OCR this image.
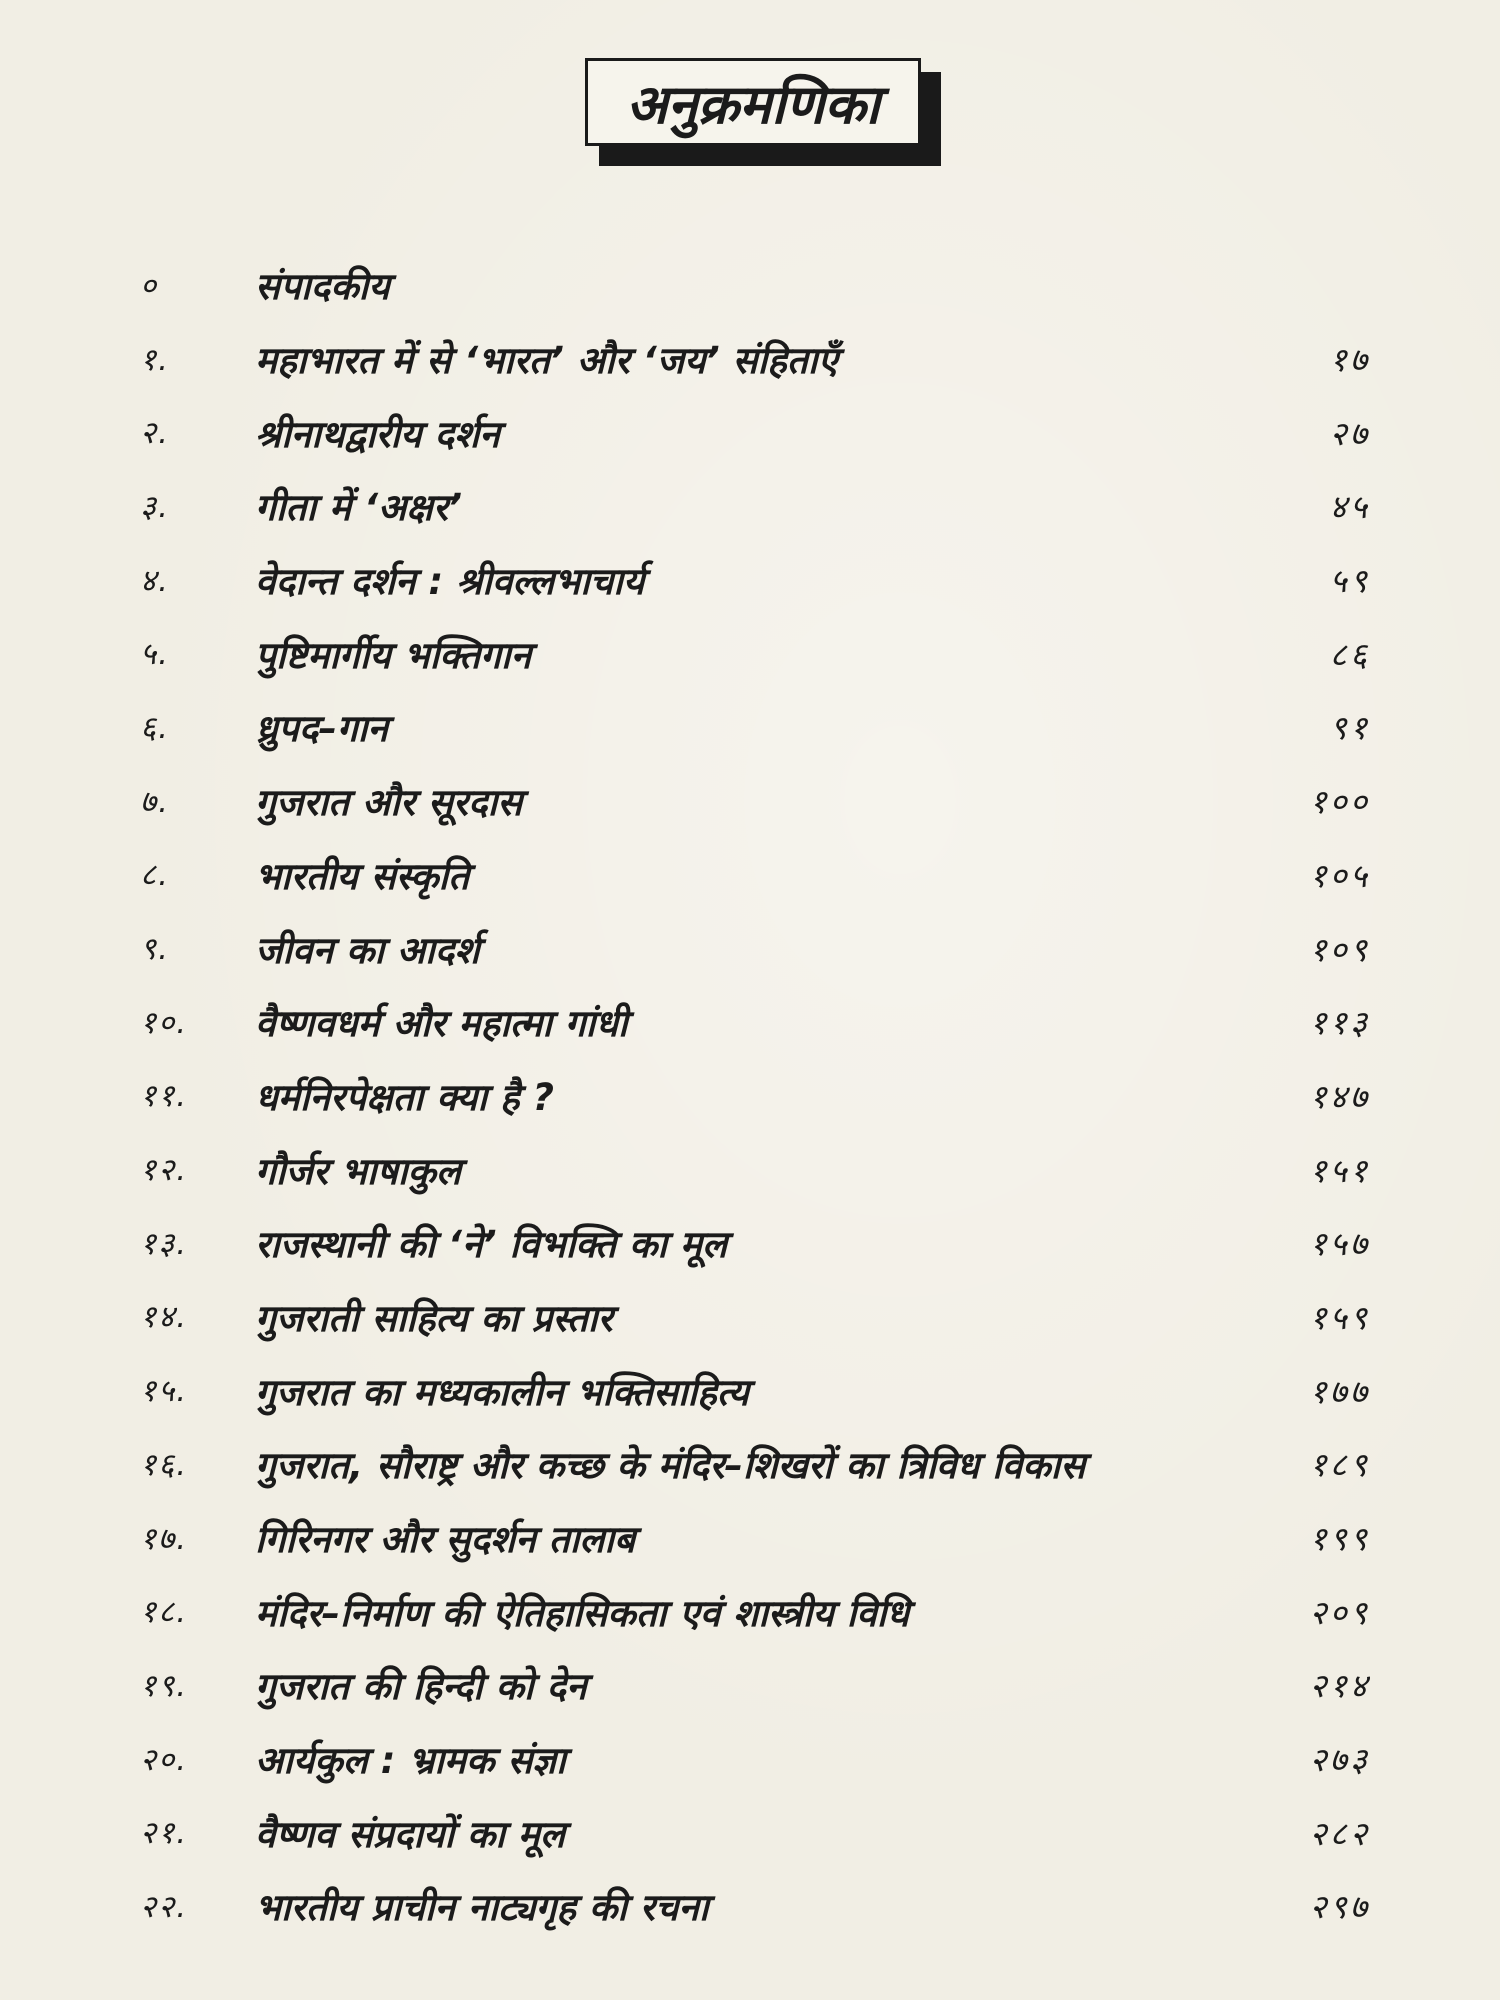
अनुक्रमणिका
०	संपादकीय
१.	महाभारत में से ‘भारत’ और ‘जय’ संहिताएँ	१७
२.	श्रीनाथद्वारीय दर्शन	२७
३.	गीता में ‘अक्षर’	४५
४.	वेदान्त दर्शन : श्रीवल्लभाचार्य	५९
५.	पुष्टिमार्गीय भक्तिगान	८६
६.	ध्रुपद–गान	९१
७.	गुजरात और सूरदास	१००
८.	भारतीय संस्कृति	१०५
९.	जीवन का आदर्श	१०९
१०.	वैष्णवधर्म और महात्मा गांधी	११३
११.	धर्मनिरपेक्षता क्या है ?	१४७
१२.	गौर्जर भाषाकुल	१५१
१३.	राजस्थानी की ‘ने’ विभक्ति का मूल	१५७
१४.	गुजराती साहित्य का प्रस्तार	१५९
१५.	गुजरात का मध्यकालीन भक्तिसाहित्य	१७७
१६.	गुजरात, सौराष्ट्र और कच्छ के मंदिर–शिखरों का त्रिविध विकास	१८९
१७.	गिरिनगर और सुदर्शन तालाब	१९९
१८.	मंदिर–निर्माण की ऐतिहासिकता एवं शास्त्रीय विधि	२०९
१९.	गुजरात की हिन्दी को देन	२१४
२०.	आर्यकुल : भ्रामक संज्ञा	२७३
२१.	वैष्णव संप्रदायों का मूल	२८२
२२.	भारतीय प्राचीन नाट्यगृह की रचना	२९७
